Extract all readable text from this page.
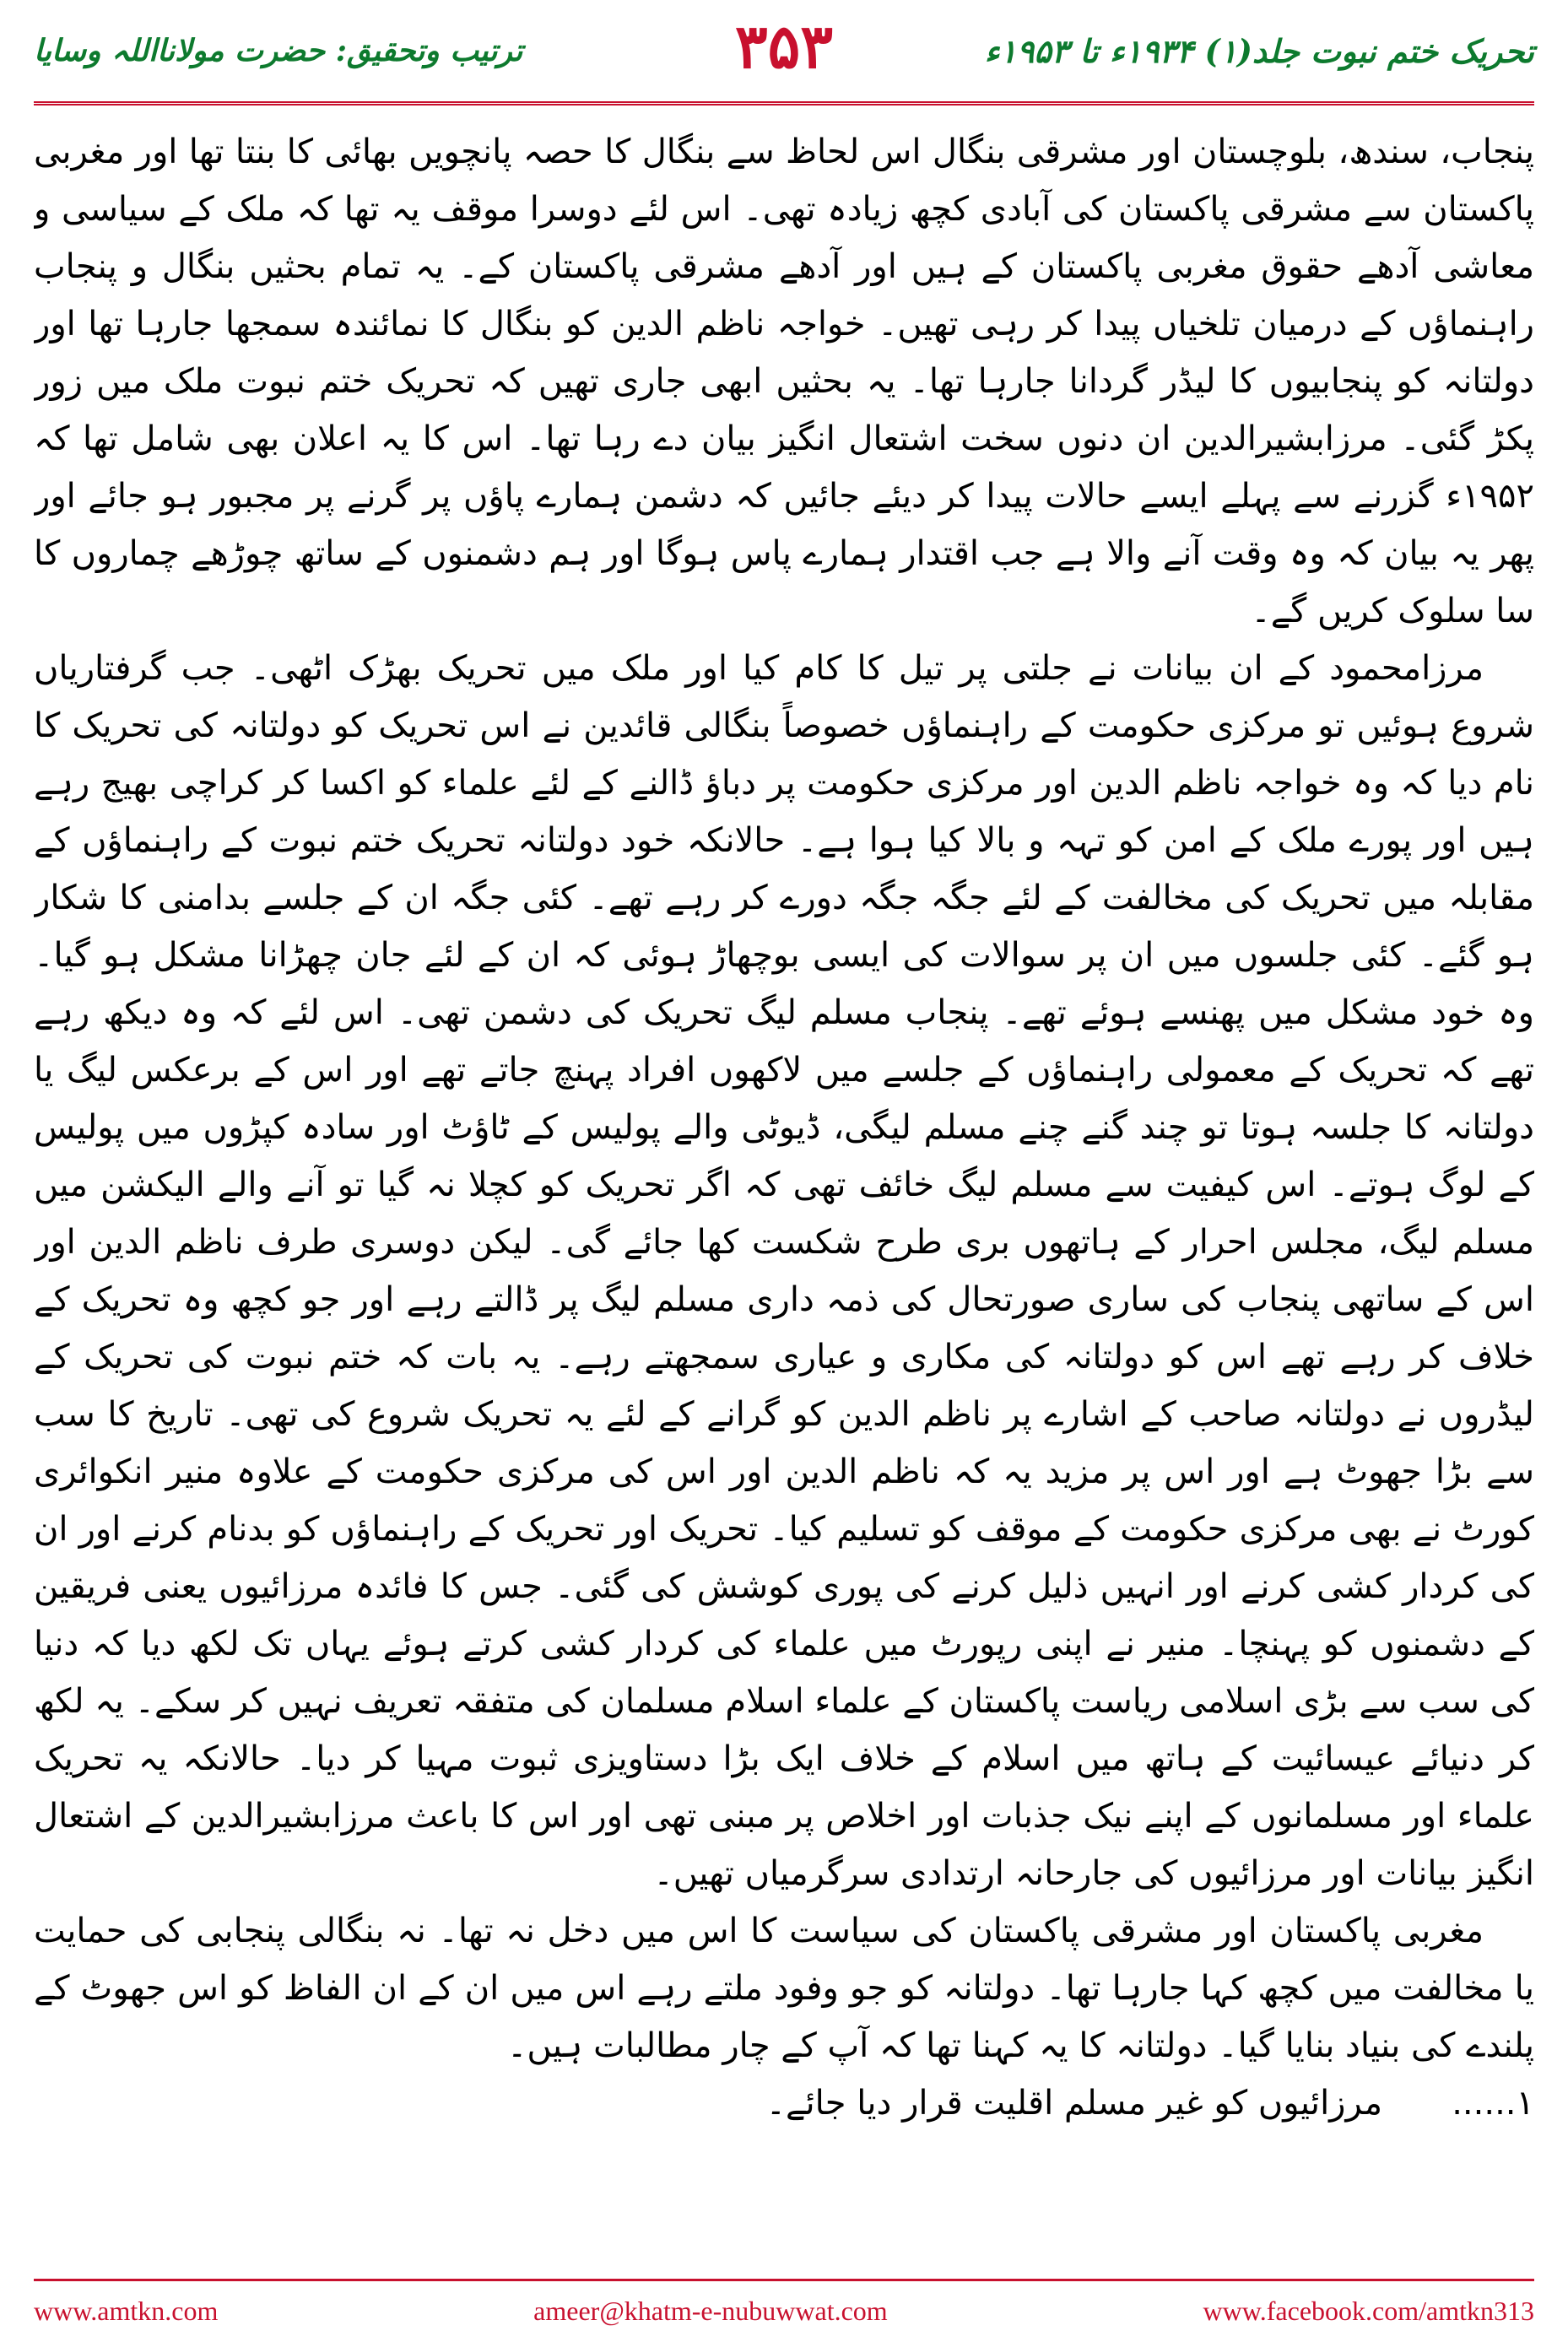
تحریک ختم نبوت جلد(۱) ۱۹۳۴ء تا ۱۹۵۳ء
ترتیب وتحقیق: حضرت مولانااللہ وسایا	۳۵۳

پنجاب، سندھ، بلوچستان اور مشرقی بنگال اس لحاظ سے بنگال کا حصہ پانچویں بھائی کا بنتا تھا اور مغربی پاکستان سے مشرقی پاکستان کی آبادی کچھ زیادہ تھی۔ اس لئے دوسرا موقف یہ تھا کہ ملک کے سیاسی و معاشی آدھے حقوق مغربی پاکستان کے ہیں اور آدھے مشرقی پاکستان کے۔ یہ تمام بحثیں بنگال و پنجاب راہنماؤں کے درمیان تلخیاں پیدا کر رہی تھیں۔ خواجہ ناظم الدین کو بنگال کا نمائندہ سمجھا جارہا تھا اور دولتانہ کو پنجابیوں کا لیڈر گردانا جارہا تھا۔ یہ بحثیں ابھی جاری تھیں کہ تحریک ختم نبوت ملک میں زور پکڑ گئی۔ مرزابشیرالدین ان دنوں سخت اشتعال انگیز بیان دے رہا تھا۔ اس کا یہ اعلان بھی شامل تھا کہ ۱۹۵۲ء گزرنے سے پہلے ایسے حالات پیدا کر دیئے جائیں کہ دشمن ہمارے پاؤں پر گرنے پر مجبور ہو جائے اور پھر یہ بیان کہ وہ وقت آنے والا ہے جب اقتدار ہمارے پاس ہوگا اور ہم دشمنوں کے ساتھ چوڑھے چماروں کا سا سلوک کریں گے۔

مرزامحمود کے ان بیانات نے جلتی پر تیل کا کام کیا اور ملک میں تحریک بھڑک اٹھی۔ جب گرفتاریاں شروع ہوئیں تو مرکزی حکومت کے راہنماؤں خصوصاً بنگالی قائدین نے اس تحریک کو دولتانہ کی تحریک کا نام دیا کہ وہ خواجہ ناظم الدین اور مرکزی حکومت پر دباؤ ڈالنے کے لئے علماء کو اکسا کر کراچی بھیج رہے ہیں اور پورے ملک کے امن کو تہہ و بالا کیا ہوا ہے۔ حالانکہ خود دولتانہ تحریک ختم نبوت کے راہنماؤں کے مقابلہ میں تحریک کی مخالفت کے لئے جگہ جگہ دورے کر رہے تھے۔ کئی جگہ ان کے جلسے بدامنی کا شکار ہو گئے۔ کئی جلسوں میں ان پر سوالات کی ایسی بوچھاڑ ہوئی کہ ان کے لئے جان چھڑانا مشکل ہو گیا۔ وہ خود مشکل میں پھنسے ہوئے تھے۔ پنجاب مسلم لیگ تحریک کی دشمن تھی۔ اس لئے کہ وہ دیکھ رہے تھے کہ تحریک کے معمولی راہنماؤں کے جلسے میں لاکھوں افراد پہنچ جاتے تھے اور اس کے برعکس لیگ یا دولتانہ کا جلسہ ہوتا تو چند گنے چنے مسلم لیگی، ڈیوٹی والے پولیس کے ٹاؤٹ اور سادہ کپڑوں میں پولیس کے لوگ ہوتے۔ اس کیفیت سے مسلم لیگ خائف تھی کہ اگر تحریک کو کچلا نہ گیا تو آنے والے الیکشن میں مسلم لیگ، مجلس احرار کے ہاتھوں بری طرح شکست کھا جائے گی۔ لیکن دوسری طرف ناظم الدین اور اس کے ساتھی پنجاب کی ساری صورتحال کی ذمہ داری مسلم لیگ پر ڈالتے رہے اور جو کچھ وہ تحریک کے خلاف کر رہے تھے اس کو دولتانہ کی مکاری و عیاری سمجھتے رہے۔ یہ بات کہ ختم نبوت کی تحریک کے لیڈروں نے دولتانہ صاحب کے اشارے پر ناظم الدین کو گرانے کے لئے یہ تحریک شروع کی تھی۔ تاریخ کا سب سے بڑا جھوٹ ہے اور اس پر مزید یہ کہ ناظم الدین اور اس کی مرکزی حکومت کے علاوہ منیر انکوائری کورٹ نے بھی مرکزی حکومت کے موقف کو تسلیم کیا۔ تحریک اور تحریک کے راہنماؤں کو بدنام کرنے اور ان کی کردار کشی کرنے اور انہیں ذلیل کرنے کی پوری کوشش کی گئی۔ جس کا فائدہ مرزائیوں یعنی فریقین کے دشمنوں کو پہنچا۔ منیر نے اپنی رپورٹ میں علماء کی کردار کشی کرتے ہوئے یہاں تک لکھ دیا کہ دنیا کی سب سے بڑی اسلامی ریاست پاکستان کے علماء اسلام مسلمان کی متفقہ تعریف نہیں کر سکے۔ یہ لکھ کر دنیائے عیسائیت کے ہاتھ میں اسلام کے خلاف ایک بڑا دستاویزی ثبوت مہیا کر دیا۔ حالانکہ یہ تحریک علماء اور مسلمانوں کے اپنے نیک جذبات اور اخلاص پر مبنی تھی اور اس کا باعث مرزابشیرالدین کے اشتعال انگیز بیانات اور مرزائیوں کی جارحانہ ارتدادی سرگرمیاں تھیں۔

مغربی پاکستان اور مشرقی پاکستان کی سیاست کا اس میں دخل نہ تھا۔ نہ بنگالی پنجابی کی حمایت یا مخالفت میں کچھ کہا جارہا تھا۔ دولتانہ کو جو وفود ملتے رہے اس میں ان کے ان الفاظ کو اس جھوٹ کے پلندے کی بنیاد بنایا گیا۔ دولتانہ کا یہ کہنا تھا کہ آپ کے چار مطالبات ہیں۔

۱......
مرزائیوں کو غیر مسلم اقلیت قرار دیا جائے۔
www.amtkn.com	ameer@khatm-e-nubuwwat.com	www.facebook.com/amtkn313
